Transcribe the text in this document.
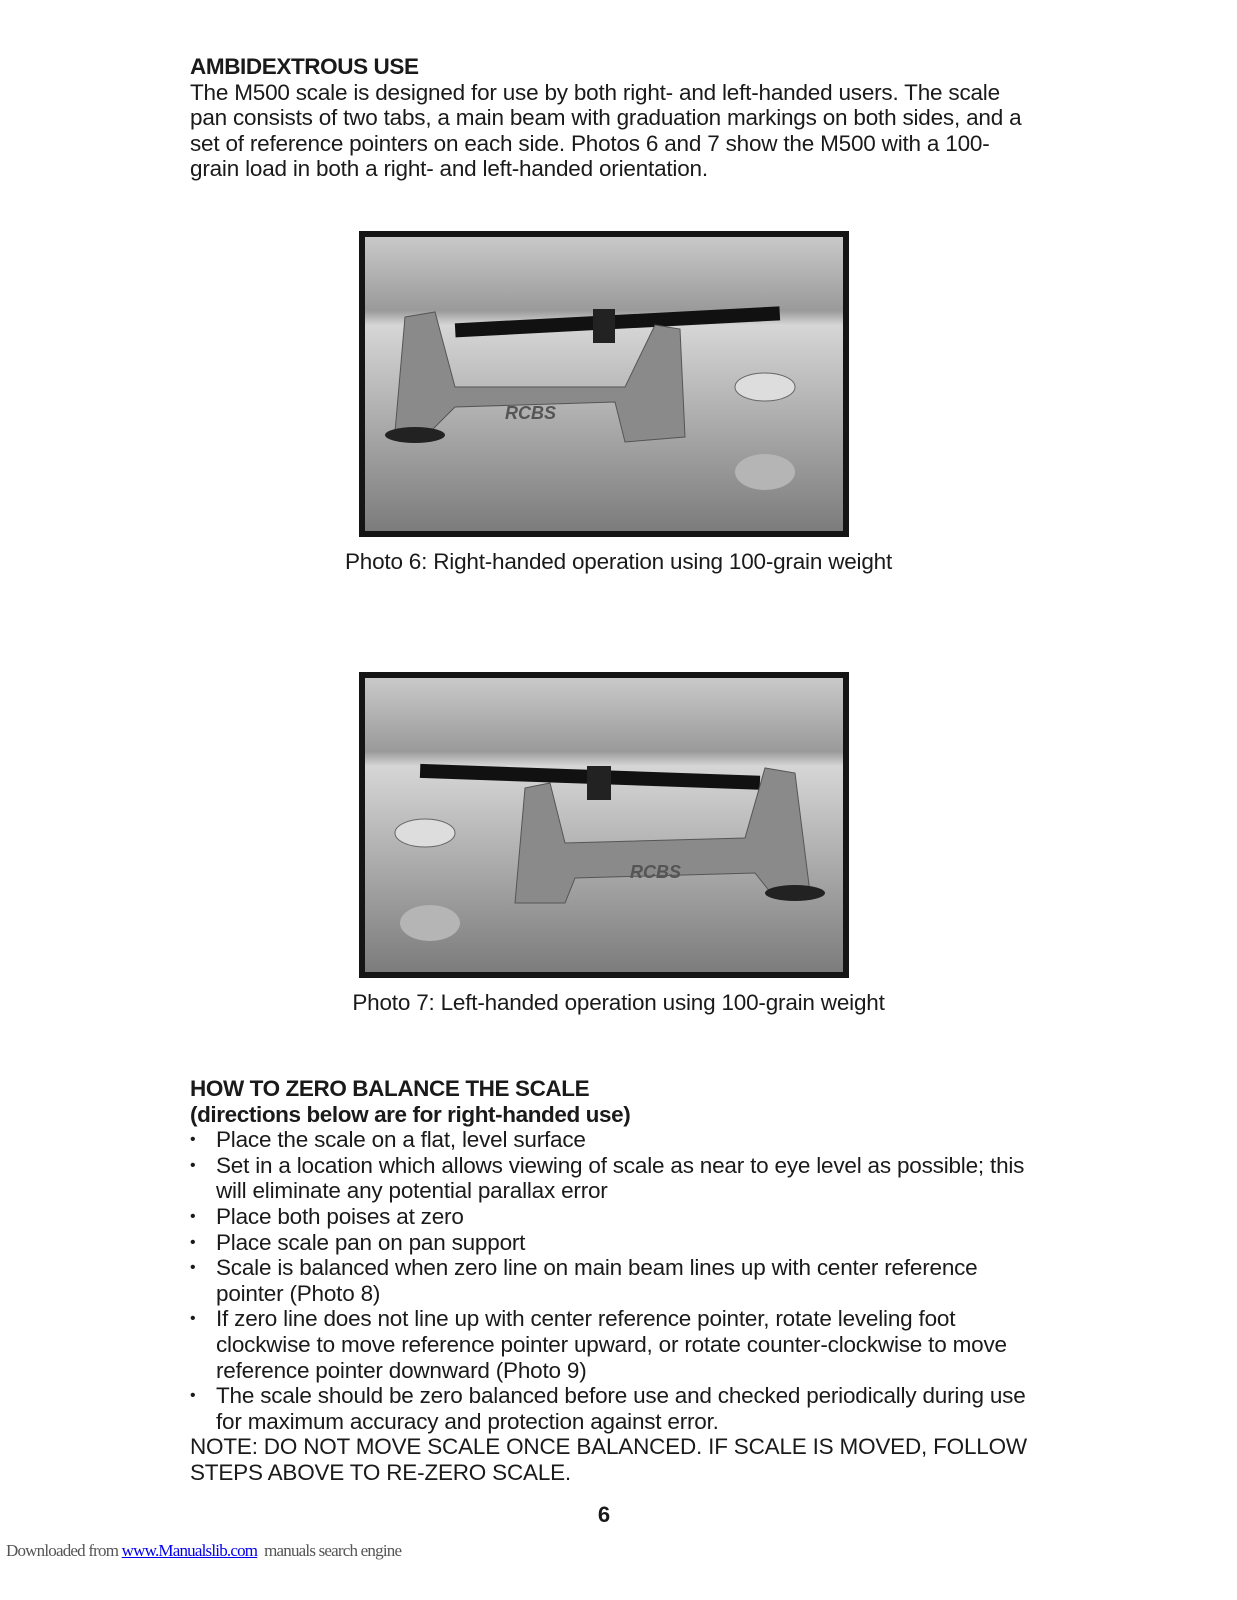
AMBIDEXTROUS USE

The M500 scale is designed for use by both right- and left-handed users. The scale pan consists of two tabs, a main beam with graduation markings on both sides, and a set of reference pointers on each side. Photos 6 and 7 show the M500 with a 100-grain load in both a right- and left-handed orientation.

RCBS
Photo 6: Right-handed operation using 100-grain weight
RCBS
Photo 7: Left-handed operation using 100-grain weight
HOW TO ZERO BALANCE THE SCALE
(directions below are for right-handed use)
• Place the scale on a flat, level surface
• Set in a location which allows viewing of scale as near to eye level as possible; this will eliminate any potential parallax error
• Place both poises at zero
• Place scale pan on pan support
• Scale is balanced when zero line on main beam lines up with center reference pointer (Photo 8)
• If zero line does not line up with center reference pointer, rotate leveling foot clockwise to move reference pointer upward, or rotate counter-clockwise to move reference pointer downward (Photo 9)
• The scale should be zero balanced before use and checked periodically during use for maximum accuracy and protection against error.

NOTE: DO NOT MOVE SCALE ONCE BALANCED. IF SCALE IS MOVED, FOLLOW STEPS ABOVE TO RE-ZERO SCALE.

6
Downloaded from www.Manualslib.com  manuals search engine
